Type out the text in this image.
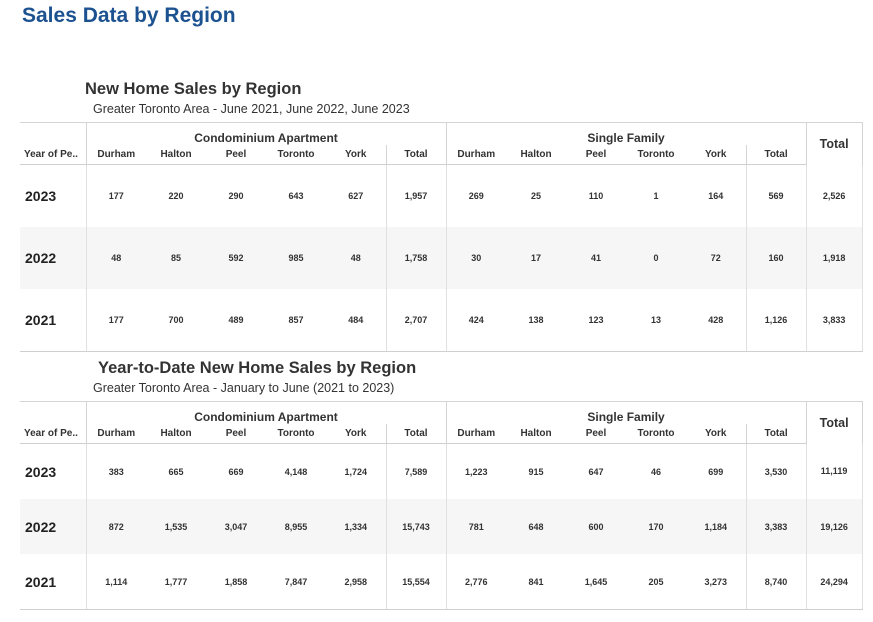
Sales Data by Region
New Home Sales by Region
Greater Toronto Area - June 2021, June 2022, June 2023
	Condominium Apartment						Single Family						Total
Year of Pe..	Durham	Halton	Peel	Toronto	York	Total	Durham	Halton	Peel	Toronto	York	Total	
2023	177	220	290	643	627	1,957	269	25	110	1	164	569	2,526
2022	48	85	592	985	48	1,758	30	17	41	0	72	160	1,918
2021	177	700	489	857	484	2,707	424	138	123	13	428	1,126	3,833
Year-to-Date New Home Sales by Region
Greater Toronto Area - January to June (2021 to 2023)
	Condominium Apartment						Single Family						Total
Year of Pe..	Durham	Halton	Peel	Toronto	York	Total	Durham	Halton	Peel	Toronto	York	Total	
2023	383	665	669	4,148	1,724	7,589	1,223	915	647	46	699	3,530	11,119
2022	872	1,535	3,047	8,955	1,334	15,743	781	648	600	170	1,184	3,383	19,126
2021	1,114	1,777	1,858	7,847	2,958	15,554	2,776	841	1,645	205	3,273	8,740	24,294
